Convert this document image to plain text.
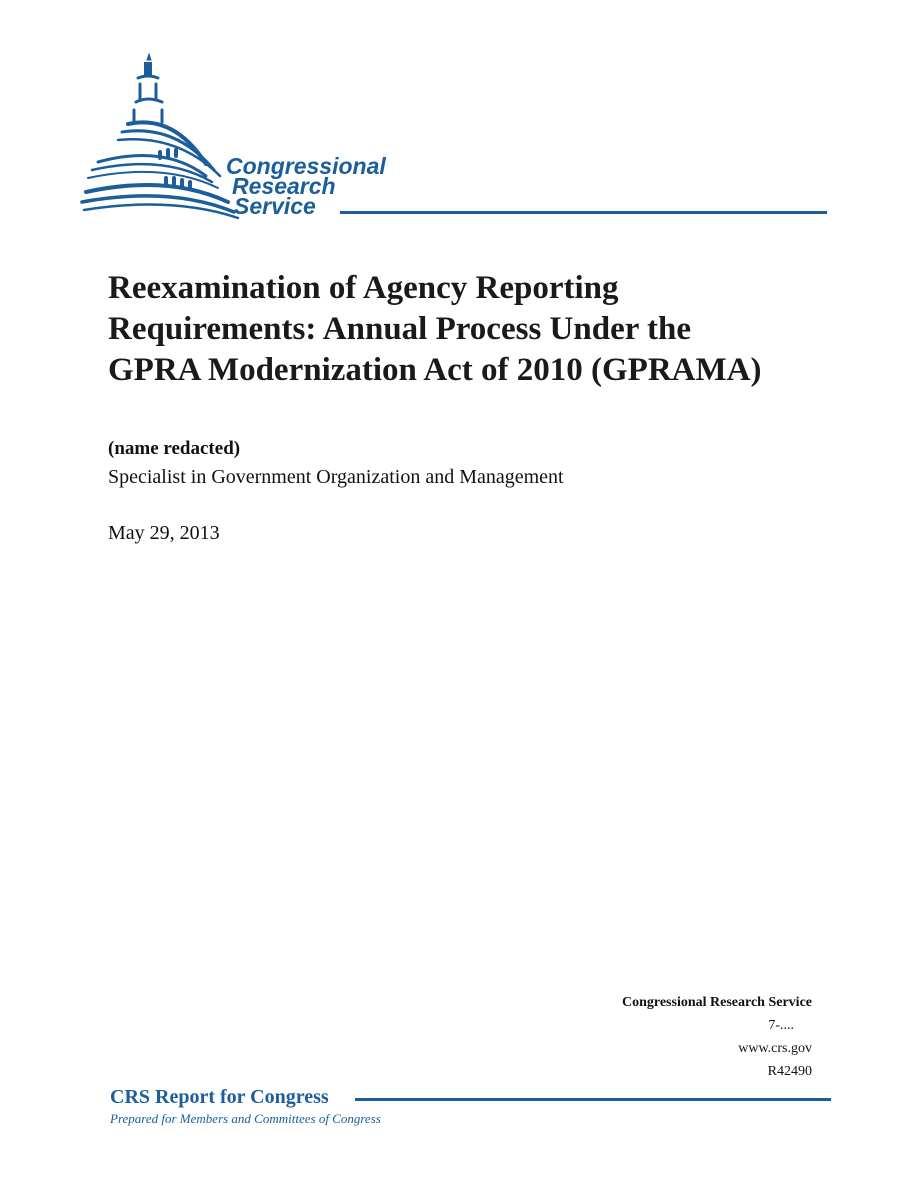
Congressional
Research
Service
Reexamination of Agency Reporting
Requirements: Annual Process Under the
GPRA Modernization Act of 2010 (GPRAMA)
(name redacted)
Specialist in Government Organization and Management
May 29, 2013
Congressional Research Service
7-....
www.crs.gov
R42490
CRS Report for Congress
Prepared for Members and Committees of Congress
